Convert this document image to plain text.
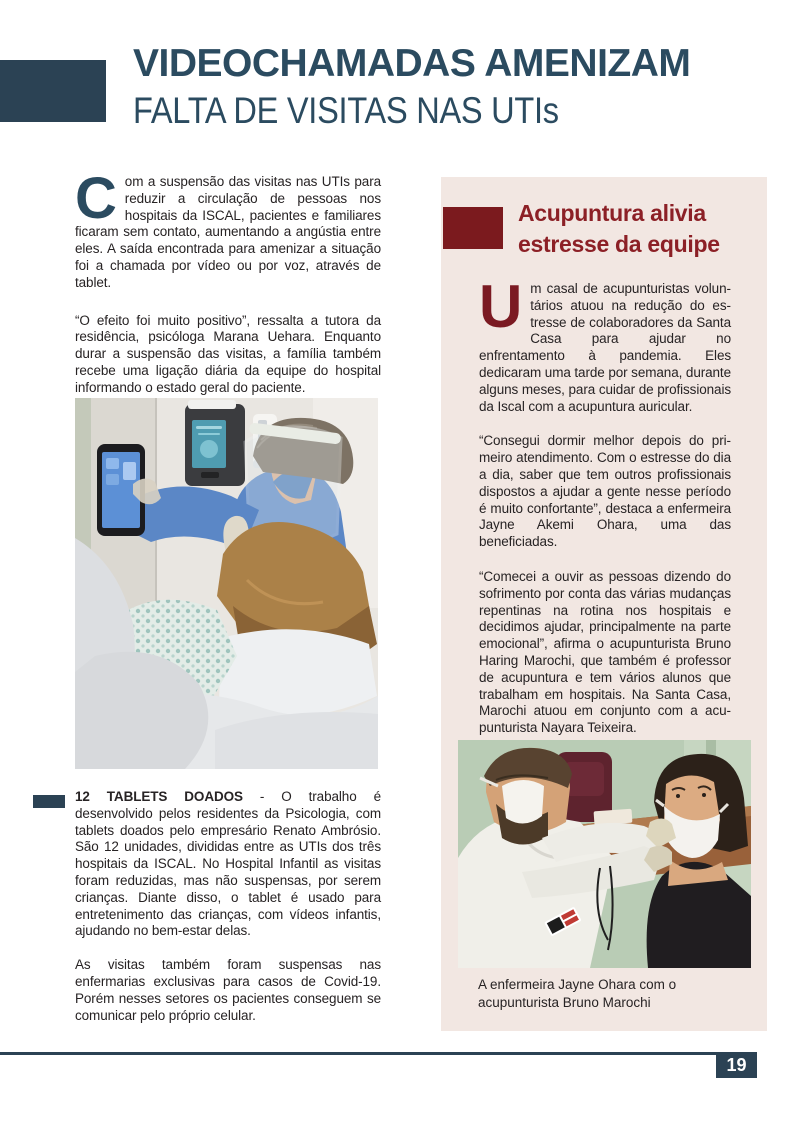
VIDEOCHAMADAS AMENIZAM
FALTA DE VISITAS NAS UTIs

Com a suspensão das visitas nas UTIs para reduzir a circulação de pessoas nos hospitais da ISCAL, pacientes e familiares ficaram sem contato, aumentando a angústia entre eles. A saída encontrada para amenizar a situação foi a chamada por vídeo ou por voz, através de tablet.

“O efeito foi muito positivo”, ressalta a tutora da residência, psicóloga Marana Uehara. Enquanto durar a suspensão das visitas, a família também recebe uma ligação diária da equipe do hospital informando o estado geral do paciente.

12 TABLETS DOADOS - O trabalho é desenvolvido pelos residentes da Psicologia, com tablets doados pelo empresário Renato Ambrósio. São 12 unidades, divididas entre as UTIs dos três hospitais da ISCAL. No Hospital Infantil as visitas foram reduzidas, mas não suspensas, por serem crianças. Diante disso, o tablet é usado para entretenimento das crianças, com vídeos infantis, ajudando no bem-estar delas.

As visitas também foram suspensas nas enfermarias exclusivas para casos de Covid-19. Porém nesses setores os pacientes conseguem se comunicar pelo próprio celular.

Acupuntura alivia estresse da equipe

Um casal de acupunturistas voluntários atuou na redução do estresse de colaboradores da Santa Casa para ajudar no enfrentamento à pandemia. Eles dedicaram uma tarde por semana, durante alguns meses, para cuidar de profissionais da Iscal com a acupuntura auricular.

“Consegui dormir melhor depois do primeiro atendimento. Com o estresse do dia a dia, saber que tem outros profissionais dispostos a ajudar a gente nesse período é muito confortante”, destaca a enfermeira Jayne Akemi Ohara, uma das beneficiadas.

“Comecei a ouvir as pessoas dizendo do sofrimento por conta das várias mudanças repentinas na rotina nos hospitais e decidimos ajudar, principalmente na parte emocional”, afirma o acupunturista Bruno Haring Marochi, que também é professor de acupuntura e tem vários alunos que trabalham em hospitais. Na Santa Casa, Marochi atuou em conjunto com a acupunturista Nayara Teixeira.

A enfermeira Jayne Ohara com o acupunturista Bruno Marochi
19
